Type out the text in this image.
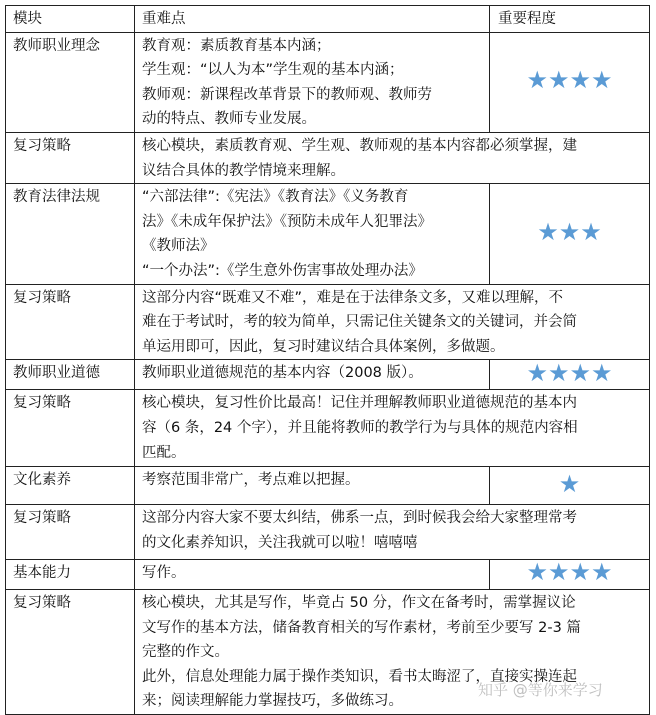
模块	重难点	重要程度
教师职业理念	教育观：素质教育基本内涵；
学生观：“以人为本”学生观的基本内涵；
教师观：新课程改革背景下的教师观、教师劳
动的特点、教师专业发展。	★★★★
复习策略	核心模块，素质教育观、学生观、教师观的基本内容都必须掌握，建
议结合具体的教学情境来理解。	

教育法律法规	“六部法律”:《宪法》《教育法》《义务教育
法》《未成年保护法》《预防未成年人犯罪法》
《教师法》
“一个办法”:《学生意外伤害事故处理办法》	★★★
复习策略	这部分内容“既难又不难”，难是在于法律条文多，又难以理解，不
难在于考试时，考的较为简单，只需记住关键条文的关键词，并会简
单运用即可，因此，复习时建议结合具体案例，多做题。	

教师职业道德	教师职业道德规范的基本内容（2008 版）。	★★★★
复习策略	核心模块，复习性价比最高！记住并理解教师职业道德规范的基本内
容（6 条，24 个字），并且能将教师的教学行为与具体的规范内容相
匹配。	

文化素养	考察范围非常广，考点难以把握。	★
复习策略	这部分内容大家不要太纠结，佛系一点，到时候我会给大家整理常考
的文化素养知识，关注我就可以啦！嘻嘻嘻	

基本能力	写作。	★★★★
复习策略	核心模块，尤其是写作，毕竟占 50 分，作文在备考时，需掌握议论
文写作的基本方法，储备教育相关的写作素材，考前至少要写 2-3 篇
完整的作文。
此外，信息处理能力属于操作类知识，看书太晦涩了，直接实操连起
来；阅读理解能力掌握技巧，多做练习。	
知乎 @等你来学习
